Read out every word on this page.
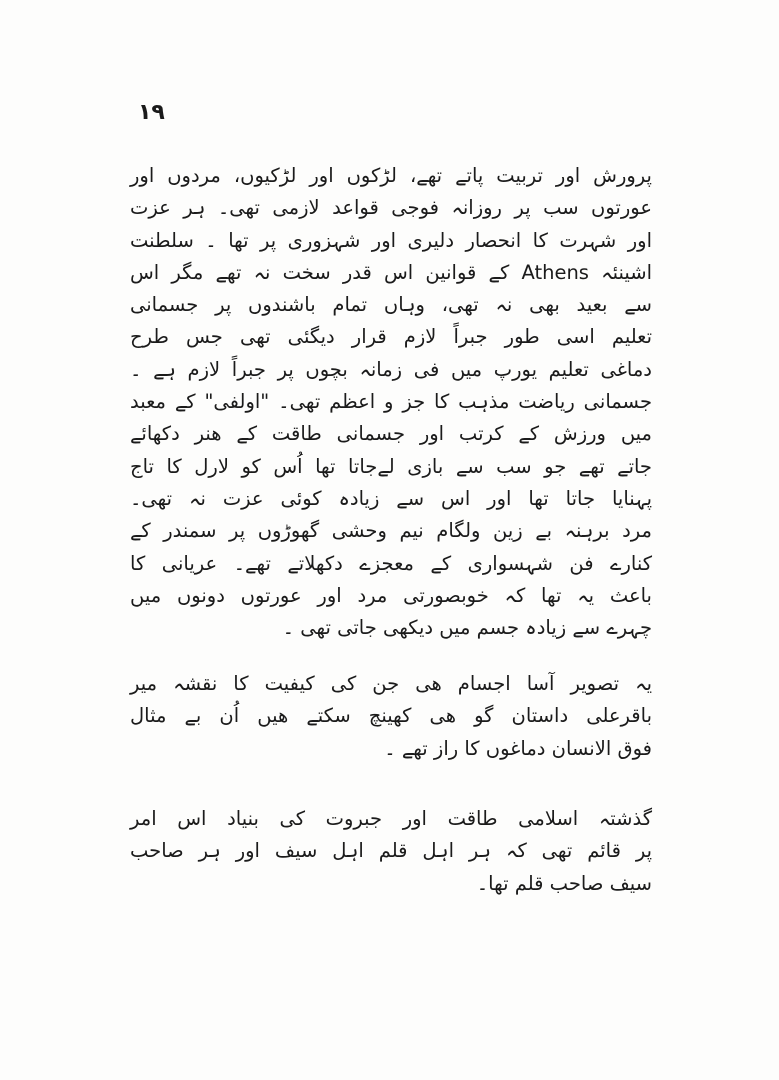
۱۹
پرورش اور تربیت پاتے تھے، لڑکوں اور لڑکیوں، مردوں اور
عورتوں سب پر روزانہ فوجی قواعد لازمی تھی۔ ہر عزت
اور شہرت کا انحصار دلیری اور شہزوری پر تھا ۔ سلطنت
اشینئہ Athens کے قوانین اس قدر سخت نہ تھے مگر اس
سے بعید بھی نہ تھی، وہاں تمام باشندوں پر جسمانی
تعلیم اسی طور جبراً لازم قرار دیگئی تھی جس طرح
دماغی تعلیم یورپ میں فی زمانہ بچوں پر جبراً لازم ہے ۔
جسمانی ریاضت مذہب کا جز و اعظم تھی۔ "اولفی" کے معبد
میں ورزش کے کرتب اور جسمانی طاقت کے ھنر دکھائے
جاتے تھے جو سب سے بازی لےجاتا تھا اُس کو لارل کا تاج
پہنایا جاتا تھا اور اس سے زیادہ کوئی عزت نہ تھی۔
مرد برہنہ بے زین ولگام نیم وحشی گھوڑوں پر سمندر کے
کنارے فن شہسواری کے معجزے دکھلاتے تھے۔ عریانی کا
باعث یہ تھا کہ خوبصورتی مرد اور عورتوں دونوں میں
چہرے سے زیادہ جسم میں دیکھی جاتی تھی ۔
یہ تصویر آسا اجسام ھی جن کی کیفیت کا نقشہ میر
باقرعلی داستان گو ھی کھینچ سکتے ھیں اُن بے مثال
فوق الانسان دماغوں کا راز تھے ۔
گذشتہ اسلامی طاقت اور جبروت کی بنیاد اس امر
پر قائم تھی کہ ہر اہل قلم اہل سیف اور ہر صاحب
سیف صاحب قلم تھا۔
